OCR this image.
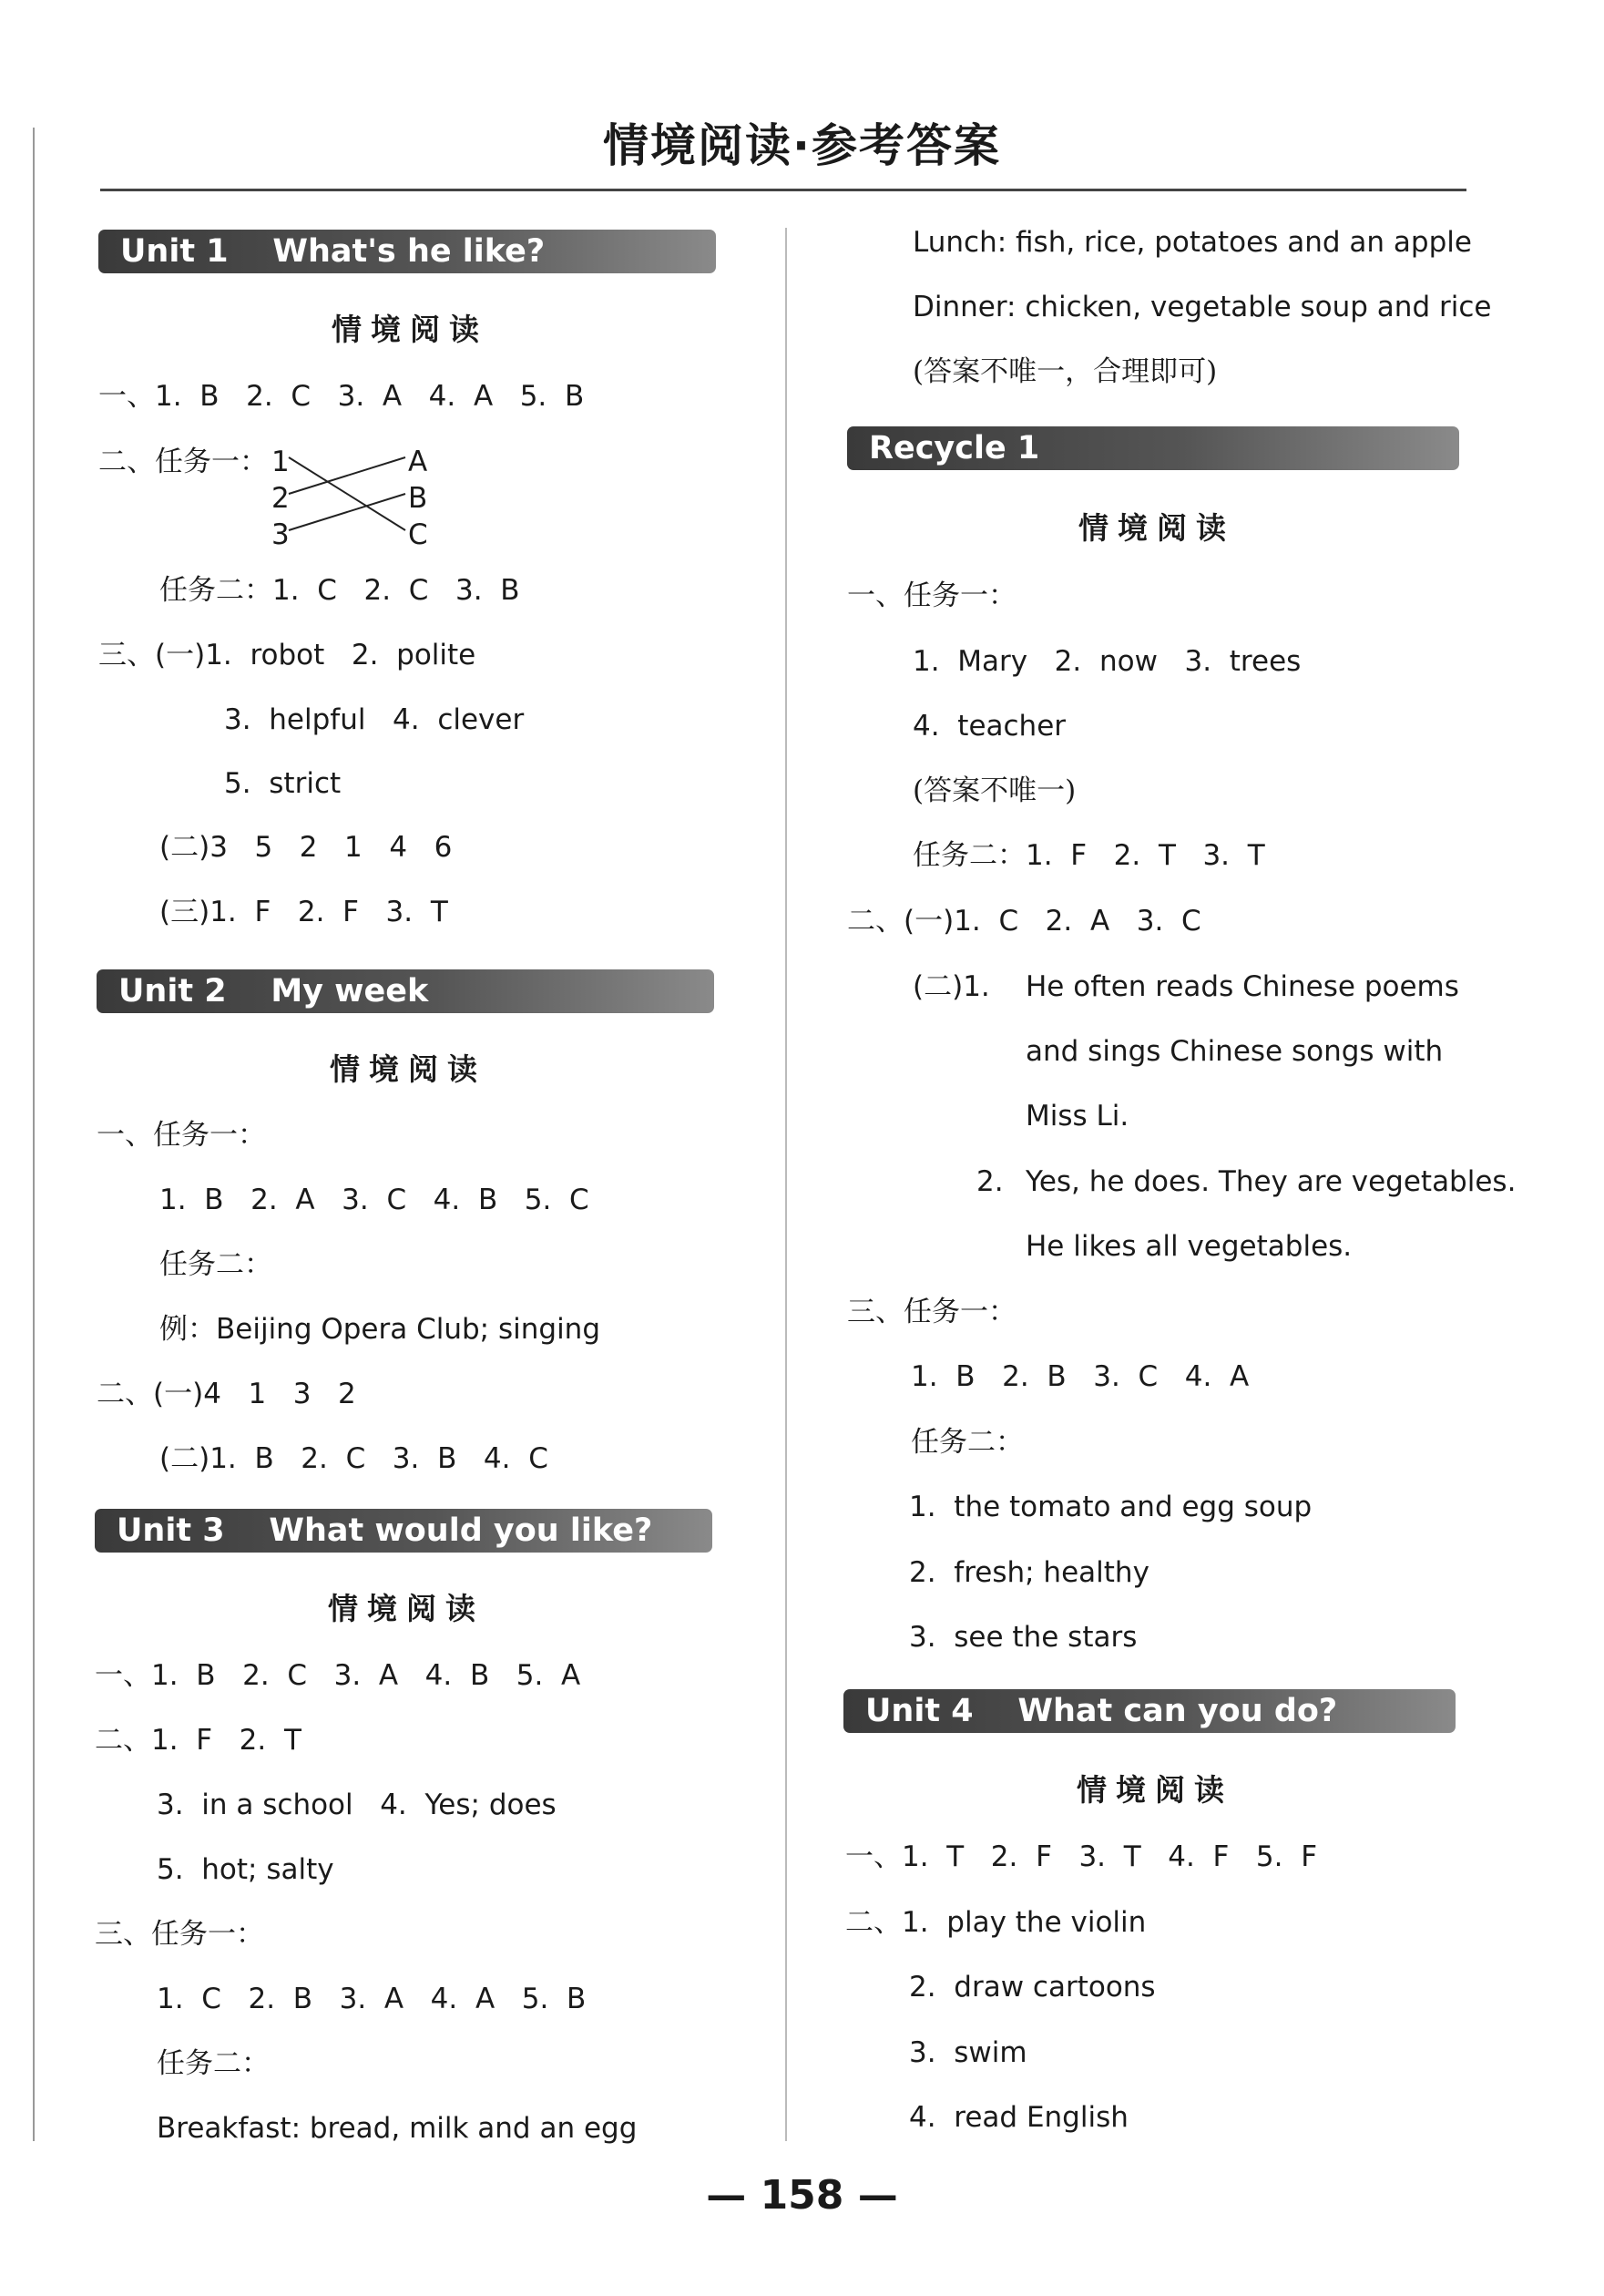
情境阅读·参考答案
Unit 1    What's he like?
情境阅读
一、1.  B   2.  C   3.  A   4.  A   5.  B
二、任务一： 1
2
3
A
B
C
任务二：1.  C   2.  C   3.  B
三、(一)1.  robot   2.  polite
3.  helpful   4.  clever
5.  strict
(二)3   5   2   1   4   6
(三)1.  F   2.  F   3.  T
Unit 2    My week
情境阅读
一、任务一：
1.  B   2.  A   3.  C   4.  B   5.  C
任务二：
例：Beijing Opera Club; singing
二、(一)4   1   3   2
(二)1.  B   2.  C   3.  B   4.  C
Unit 3    What would you like?
情境阅读
一、1.  B   2.  C   3.  A   4.  B   5.  A
二、1.  F   2.  T
3.  in a school   4.  Yes; does
5.  hot; salty
三、任务一：
1.  C   2.  B   3.  A   4.  A   5.  B
任务二：
Breakfast: bread, milk and an egg
Lunch: fish, rice, potatoes and an apple
Dinner: chicken, vegetable soup and rice
(答案不唯一，合理即可)
Recycle 1
情境阅读
一、任务一：
1.  Mary   2.  now   3.  trees
4.  teacher
(答案不唯一)
任务二：1.  F   2.  T   3.  T
二、(一)1.  C   2.  A   3.  C
(二)1. He often reads Chinese poems
and sings Chinese songs with
Miss Li.
2. Yes, he does. They are vegetables.
He likes all vegetables.
三、任务一：
1.  B   2.  B   3.  C   4.  A
任务二：
1.  the tomato and egg soup
2.  fresh; healthy
3.  see the stars
Unit 4    What can you do?
情境阅读
一、1.  T   2.  F   3.  T   4.  F   5.  F
二、1.  play the violin
2.  draw cartoons
3.  swim
4.  read English
— 158 —
